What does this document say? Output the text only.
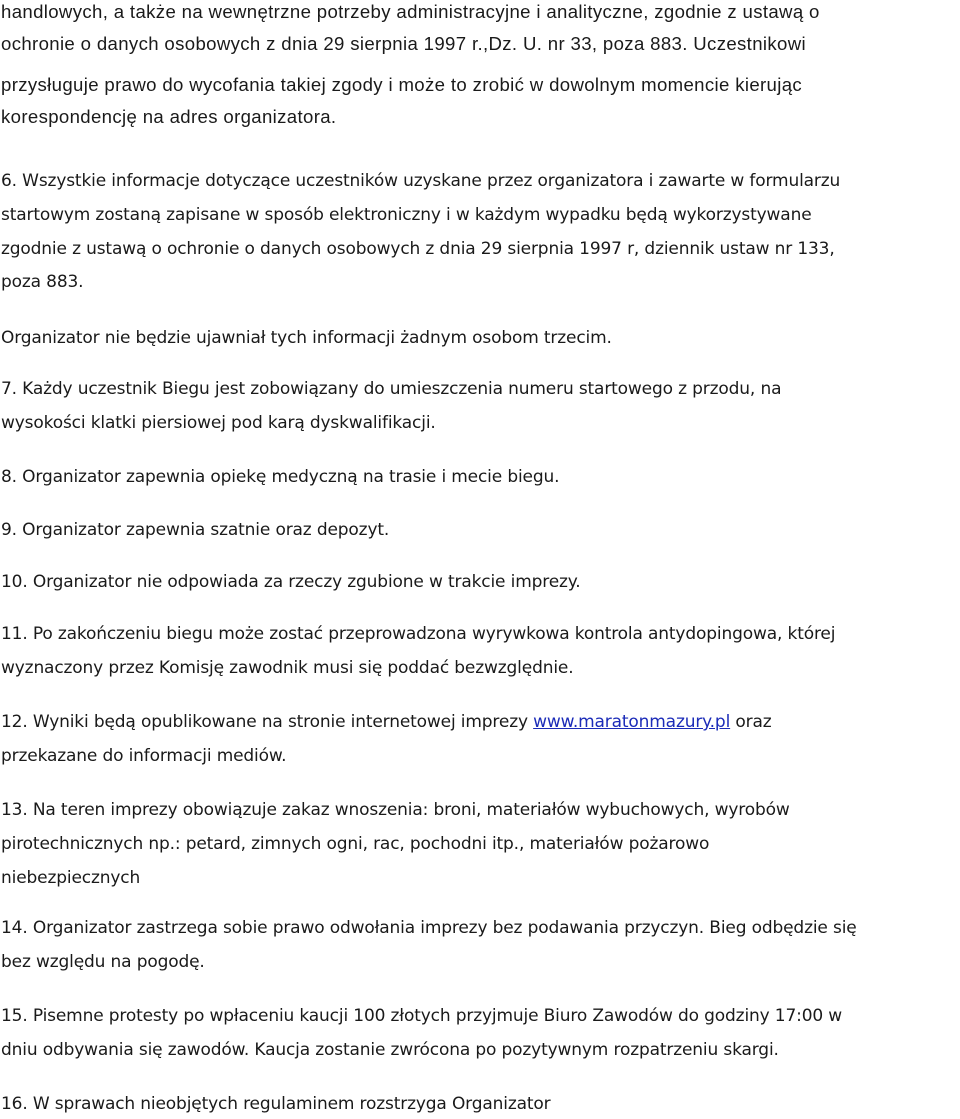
handlowych, a także na wewnętrzne potrzeby administracyjne i analityczne, zgodnie z ustawą o
ochronie o danych osobowych z dnia 29 sierpnia 1997 r.,Dz. U. nr 33, poza 883. Uczestnikowi
przysługuje prawo do wycofania takiej zgody i może to zrobić w dowolnym momencie kierując
korespondencję na adres organizatora.

6. Wszystkie informacje dotyczące uczestników uzyskane przez organizatora i zawarte w formularzu
startowym zostaną zapisane w sposób elektroniczny i w każdym wypadku będą wykorzystywane
zgodnie z ustawą o ochronie o danych osobowych z dnia 29 sierpnia 1997 r, dziennik ustaw nr 133,
poza 883.

Organizator nie będzie ujawniał tych informacji żadnym osobom trzecim.

7. Każdy uczestnik Biegu jest zobowiązany do umieszczenia numeru startowego z przodu, na
wysokości klatki piersiowej pod karą dyskwalifikacji.

8. Organizator zapewnia opiekę medyczną na trasie i mecie biegu.

9. Organizator zapewnia szatnie oraz depozyt.

10. Organizator nie odpowiada za rzeczy zgubione w trakcie imprezy.

11. Po zakończeniu biegu może zostać przeprowadzona wyrywkowa kontrola antydopingowa, której
wyznaczony przez Komisję zawodnik musi się poddać bezwzględnie.

12. Wyniki będą opublikowane na stronie internetowej imprezy www.maratonmazury.pl oraz
przekazane do informacji mediów.

13. Na teren imprezy obowiązuje zakaz wnoszenia: broni, materiałów wybuchowych, wyrobów
pirotechnicznych np.: petard, zimnych ogni, rac, pochodni itp., materiałów pożarowo
niebezpiecznych

14. Organizator zastrzega sobie prawo odwołania imprezy bez podawania przyczyn. Bieg odbędzie się
bez względu na pogodę.

15. Pisemne protesty po wpłaceniu kaucji 100 złotych przyjmuje Biuro Zawodów do godziny 17:00 w
dniu odbywania się zawodów. Kaucja zostanie zwrócona po pozytywnym rozpatrzeniu skargi.

16. W sprawach nieobjętych regulaminem rozstrzyga Organizator
